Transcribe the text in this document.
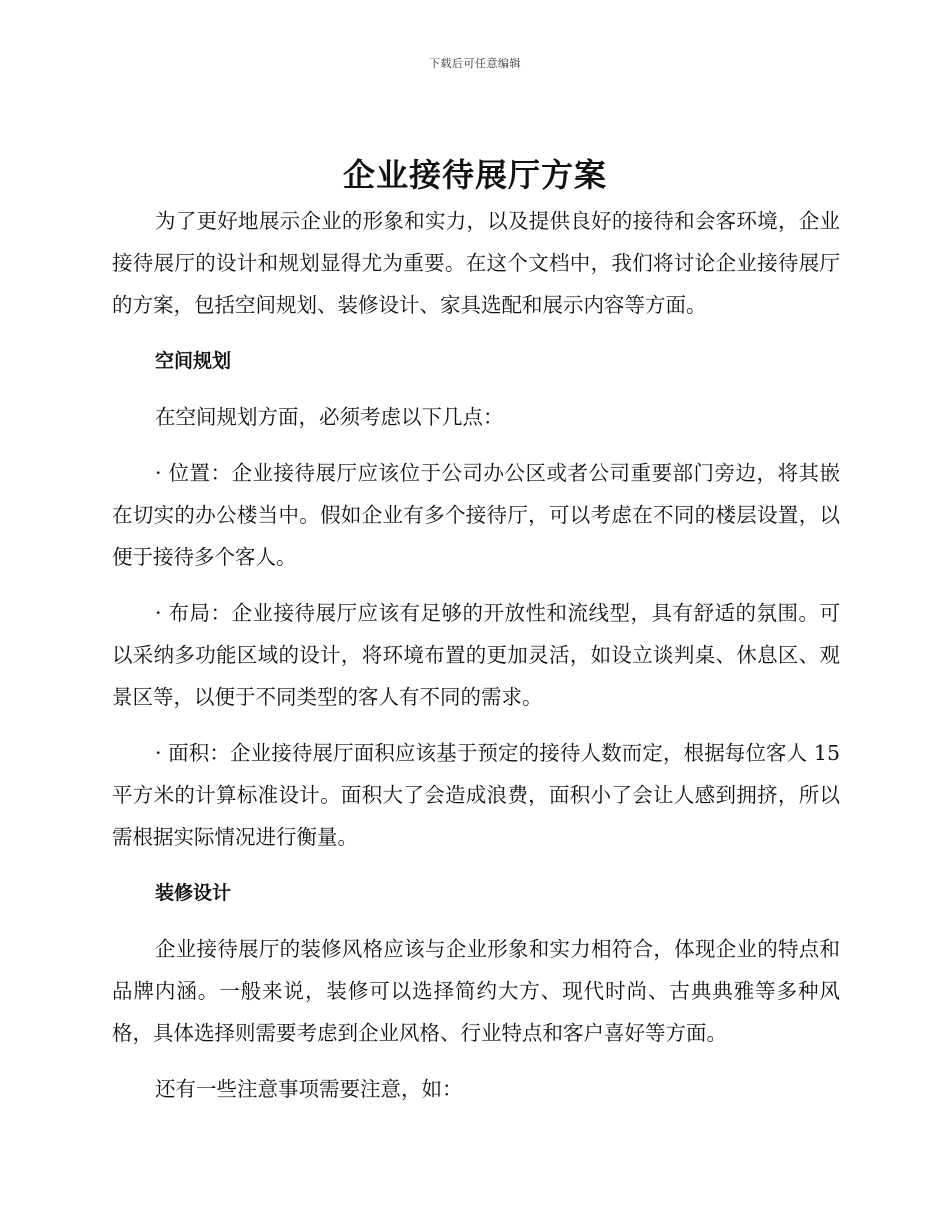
下载后可任意编辑
企业接待展厅方案

为了更好地展示企业的形象和实力，以及提供良好的接待和会客环境，企业接待展厅的设计和规划显得尤为重要。在这个文档中，我们将讨论企业接待展厅的方案，包括空间规划、装修设计、家具选配和展示内容等方面。

空间规划

在空间规划方面，必须考虑以下几点：

· 位置：企业接待展厅应该位于公司办公区或者公司重要部门旁边，将其嵌在切实的办公楼当中。假如企业有多个接待厅，可以考虑在不同的楼层设置，以便于接待多个客人。

· 布局：企业接待展厅应该有足够的开放性和流线型，具有舒适的氛围。可以采纳多功能区域的设计，将环境布置的更加灵活，如设立谈判桌、休息区、观景区等，以便于不同类型的客人有不同的需求。

· 面积：企业接待展厅面积应该基于预定的接待人数而定，根据每位客人 15 平方米的计算标准设计。面积大了会造成浪费，面积小了会让人感到拥挤，所以需根据实际情况进行衡量。

装修设计

企业接待展厅的装修风格应该与企业形象和实力相符合，体现企业的特点和品牌内涵。一般来说，装修可以选择简约大方、现代时尚、古典典雅等多种风格，具体选择则需要考虑到企业风格、行业特点和客户喜好等方面。

还有一些注意事项需要注意，如：
